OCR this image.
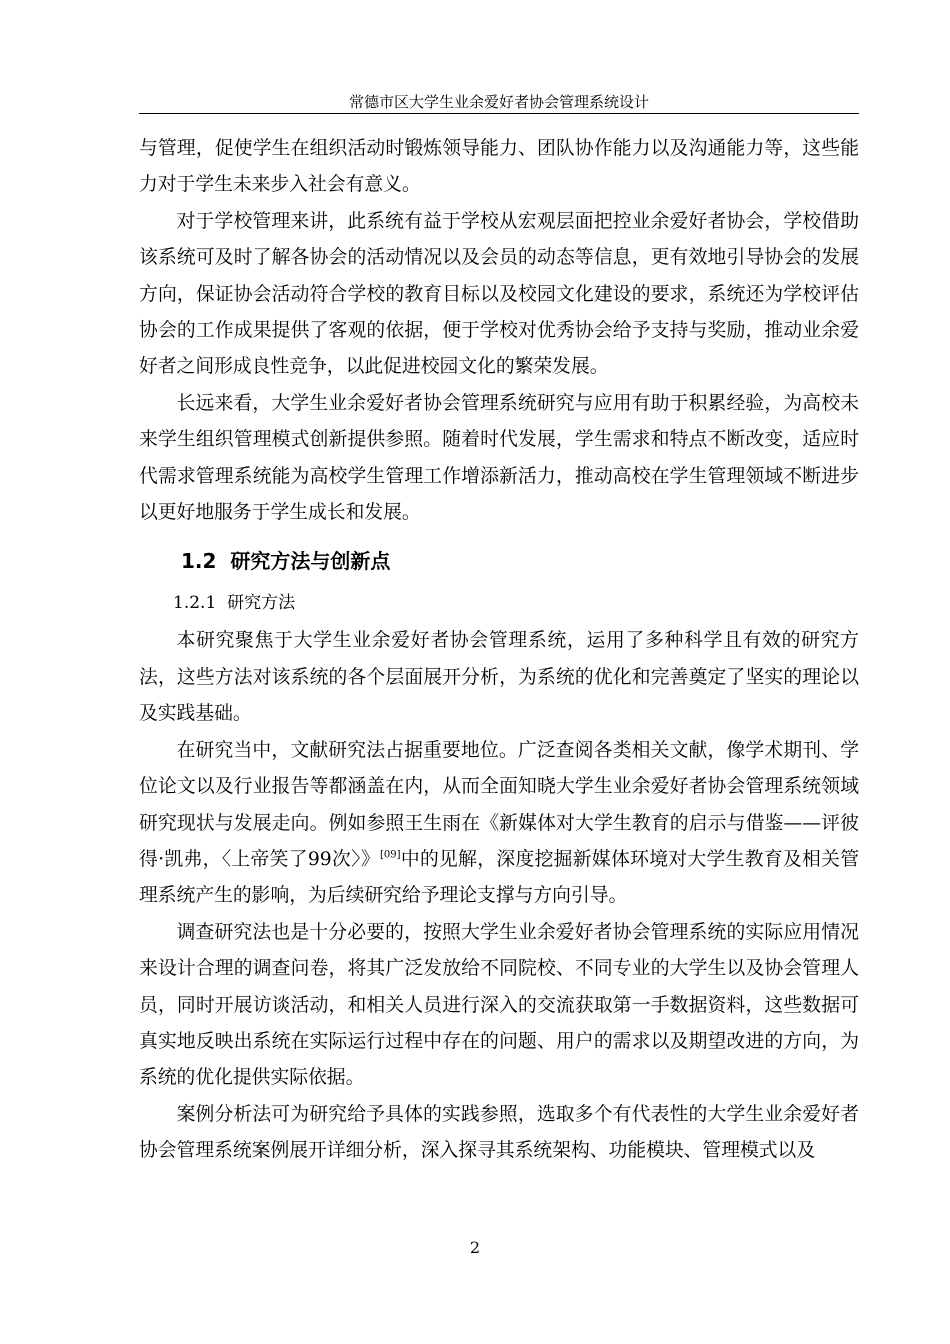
常德市区大学生业余爱好者协会管理系统设计

与管理，促使学生在组织活动时锻炼领导能力、团队协作能力以及沟通能力等，这些能力对于学生未来步入社会有意义。

对于学校管理来讲，此系统有益于学校从宏观层面把控业余爱好者协会，学校借助该系统可及时了解各协会的活动情况以及会员的动态等信息，更有效地引导协会的发展方向，保证协会活动符合学校的教育目标以及校园文化建设的要求，系统还为学校评估协会的工作成果提供了客观的依据，便于学校对优秀协会给予支持与奖励，推动业余爱好者之间形成良性竞争，以此促进校园文化的繁荣发展。

长远来看，大学生业余爱好者协会管理系统研究与应用有助于积累经验，为高校未来学生组织管理模式创新提供参照。随着时代发展，学生需求和特点不断改变，适应时代需求管理系统能为高校学生管理工作增添新活力，推动高校在学生管理领域不断进步以更好地服务于学生成长和发展。

1.2 研究方法与创新点
1.2.1 研究方法

本研究聚焦于大学生业余爱好者协会管理系统，运用了多种科学且有效的研究方法，这些方法对该系统的各个层面展开分析，为系统的优化和完善奠定了坚实的理论以及实践基础。

在研究当中，文献研究法占据重要地位。广泛查阅各类相关文献，像学术期刊、学位论文以及行业报告等都涵盖在内，从而全面知晓大学生业余爱好者协会管理系统领域研究现状与发展走向。例如参照王生雨在《新媒体对大学生教育的启示与借鉴——评彼得·凯弗，〈上帝笑了99次〉》[09]中的见解，深度挖掘新媒体环境对大学生教育及相关管理系统产生的影响，为后续研究给予理论支撑与方向引导。

调查研究法也是十分必要的，按照大学生业余爱好者协会管理系统的实际应用情况来设计合理的调查问卷，将其广泛发放给不同院校、不同专业的大学生以及协会管理人员，同时开展访谈活动，和相关人员进行深入的交流获取第一手数据资料，这些数据可真实地反映出系统在实际运行过程中存在的问题、用户的需求以及期望改进的方向，为系统的优化提供实际依据。

案例分析法可为研究给予具体的实践参照，选取多个有代表性的大学生业余爱好者协会管理系统案例展开详细分析，深入探寻其系统架构、功能模块、管理模式以及

2
